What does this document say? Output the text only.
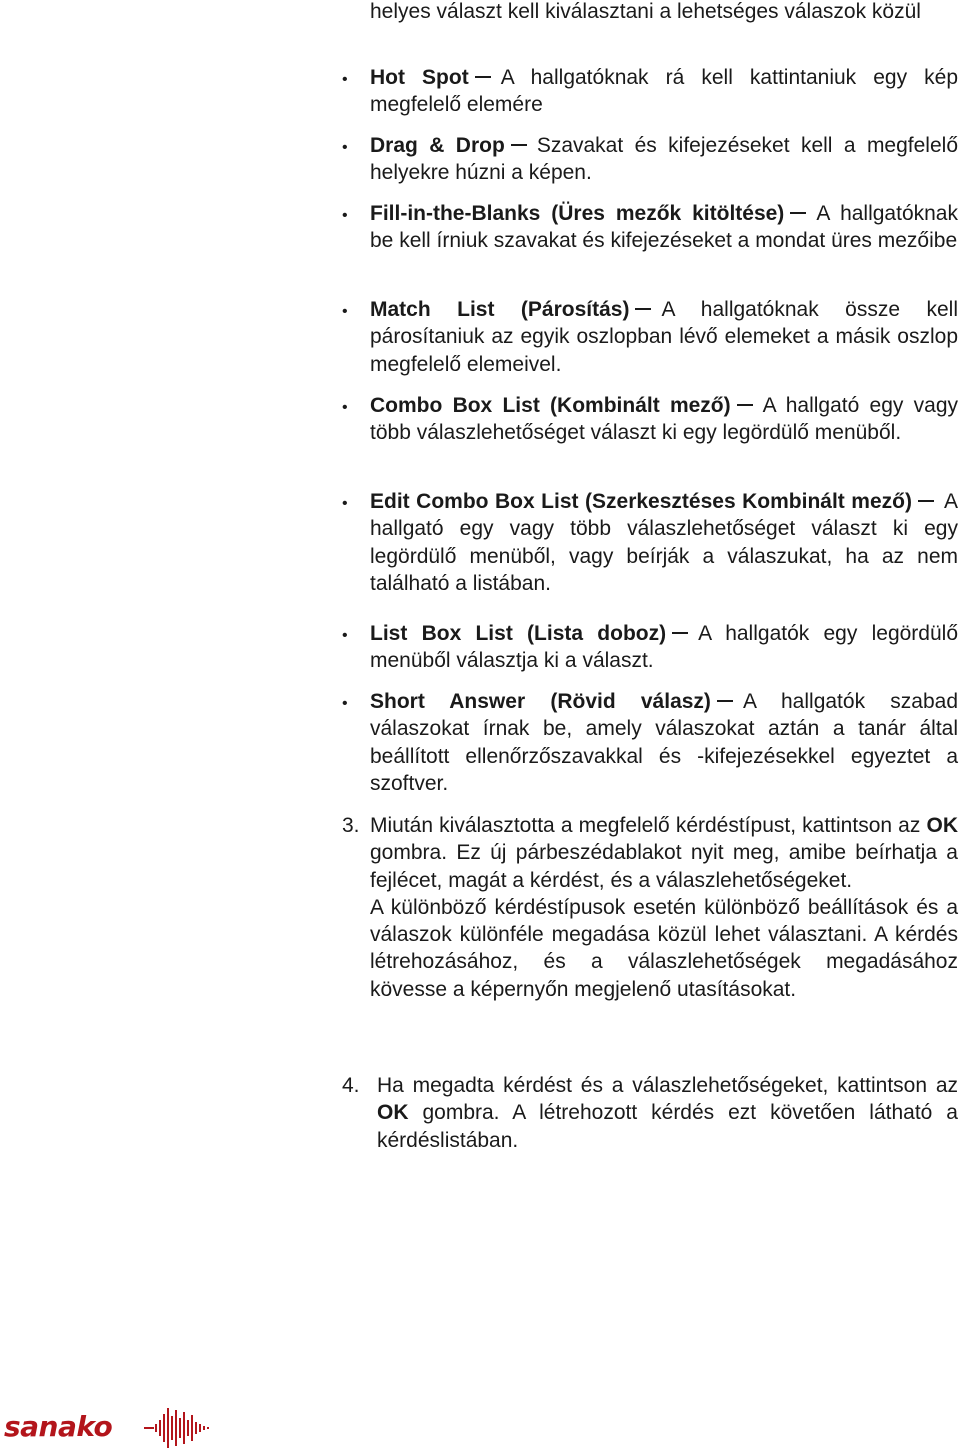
helyes választ kell kiválasztani a lehetséges válaszok közül

• Hot Spot A hallgatóknak rá kell kattintaniuk egy kép megfelelő elemére

• Drag & Drop Szavakat és kifejezéseket kell a megfelelő helyekre húzni a képen.

• Fill-in-the-Blanks (Üres mezők kitöltése) A hallgatóknak be kell írniuk szavakat és kifejezéseket a mondat üres mezőibe

• Match List (Párosítás) A hallgatóknak össze kell párosítaniuk az egyik oszlopban lévő elemeket a másik oszlop megfelelő elemeivel.

• Combo Box List (Kombinált mező) A hallgató egy vagy több válaszlehetőséget választ ki egy legördülő menüből.

• Edit Combo Box List (Szerkesztéses Kombinált mező) A hallgató egy vagy több válaszlehetőséget választ ki egy legördülő menüből, vagy beírják a válaszukat, ha az nem található a listában.

• List Box List (Lista doboz) A hallgatók egy legördülő menüből választja ki a választ.

• Short Answer (Rövid válasz) A hallgatók szabad válaszokat írnak be, amely válaszokat aztán a tanár által beállított ellenőrzőszavakkal és -kifejezésekkel egyeztet a szoftver.

3. Miután kiválasztotta a megfelelő kérdéstípust, kattintson az OK gombra. Ez új párbeszédablakot nyit meg, amibe beírhatja a fejlécet, magát a kérdést, és a válaszlehetőségeket.

A különböző kérdéstípusok esetén különböző beállítások és a válaszok különféle megadása közül lehet választani. A kérdés létrehozásához, és a válaszlehetőségek megadásához kövesse a képernyőn megjelenő utasításokat.

4. Ha megadta kérdést és a válaszlehetőségeket, kattintson az OK gombra. A létrehozott kérdés ezt követően látható a kérdéslistában.

sanako
